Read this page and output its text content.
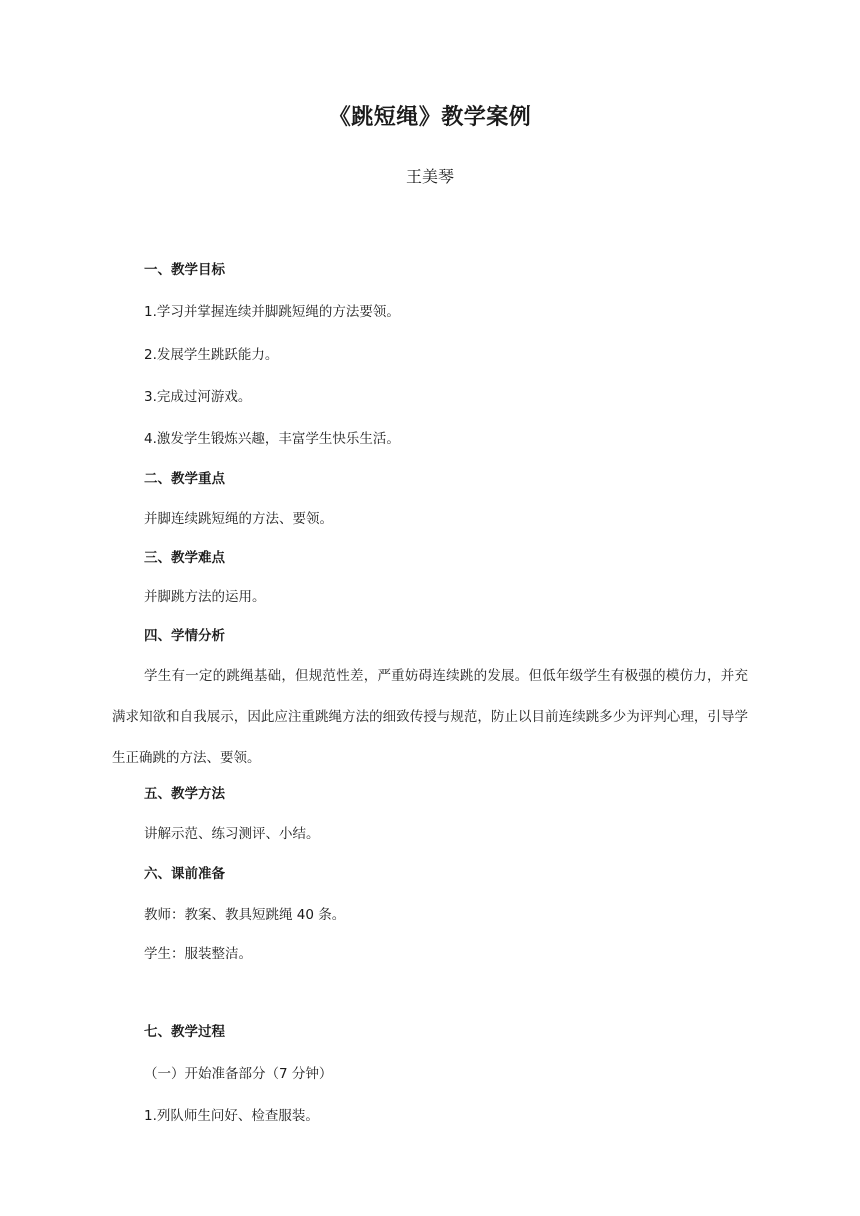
《跳短绳》教学案例
王美琴
一、教学目标
1.学习并掌握连续并脚跳短绳的方法要领。
2.发展学生跳跃能力。
3.完成过河游戏。
4.激发学生锻炼兴趣，丰富学生快乐生活。
二、教学重点
并脚连续跳短绳的方法、要领。
三、教学难点
并脚跳方法的运用。
四、学情分析
学生有一定的跳绳基础，但规范性差，严重妨碍连续跳的发展。但低年级学生有极强的模仿力，并充满求知欲和自我展示，因此应注重跳绳方法的细致传授与规范，防止以目前连续跳多少为评判心理，引导学生正确跳的方法、要领。
五、教学方法
讲解示范、练习测评、小结。
六、课前准备
教师：教案、教具短跳绳 40 条。
学生：服装整洁。
七、教学过程
（一）开始准备部分（7 分钟）
1.列队师生问好、检查服装。
